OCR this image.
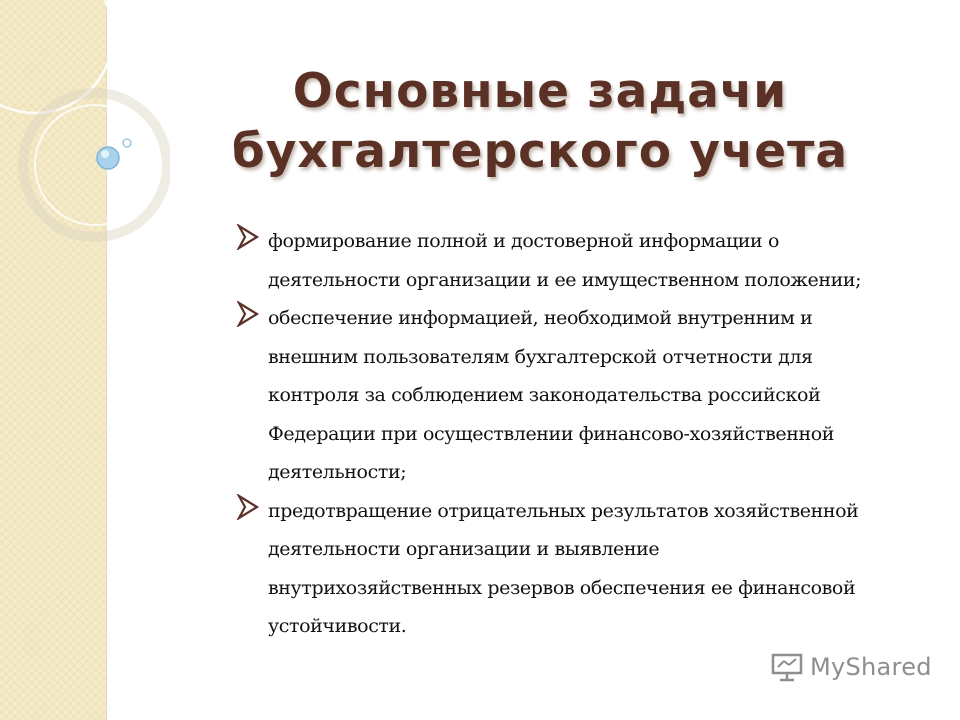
Основные задачи бухгалтерского учета
формирование полной и достоверной информации о деятельности организации и ее имущественном положении;
обеспечение информацией, необходимой внутренним и внешним пользователям бухгалтерской отчетности для контроля за соблюдением законодательства российской Федерации при осуществлении финансово-хозяйственной деятельности;
предотвращение отрицательных результатов хозяйственной деятельности организации и выявление внутрихозяйственных резервов обеспечения ее финансовой устойчивости.
MyShared
